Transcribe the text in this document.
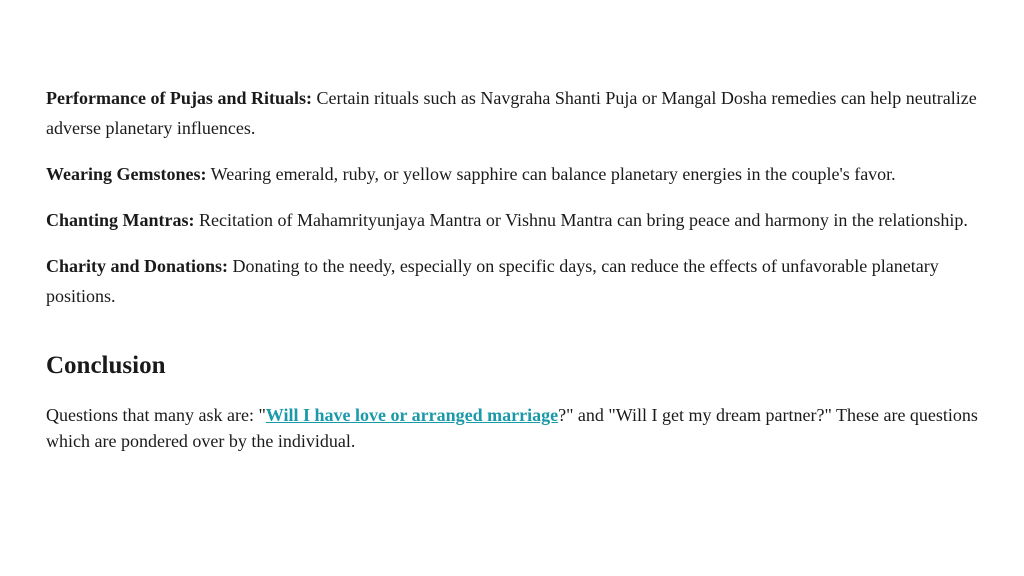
Performance of Pujas and Rituals: Certain rituals such as Navgraha Shanti Puja or Mangal Dosha remedies can help neutralize adverse planetary influences.

Wearing Gemstones: Wearing emerald, ruby, or yellow sapphire can balance planetary energies in the couple's favor.

Chanting Mantras: Recitation of Mahamrityunjaya Mantra or Vishnu Mantra can bring peace and harmony in the relationship.

Charity and Donations: Donating to the needy, especially on specific days, can reduce the effects of unfavorable planetary positions.

Conclusion

Questions that many ask are: "Will I have love or arranged marriage?" and "Will I get my dream partner?" These are questions which are pondered over by the individual.
